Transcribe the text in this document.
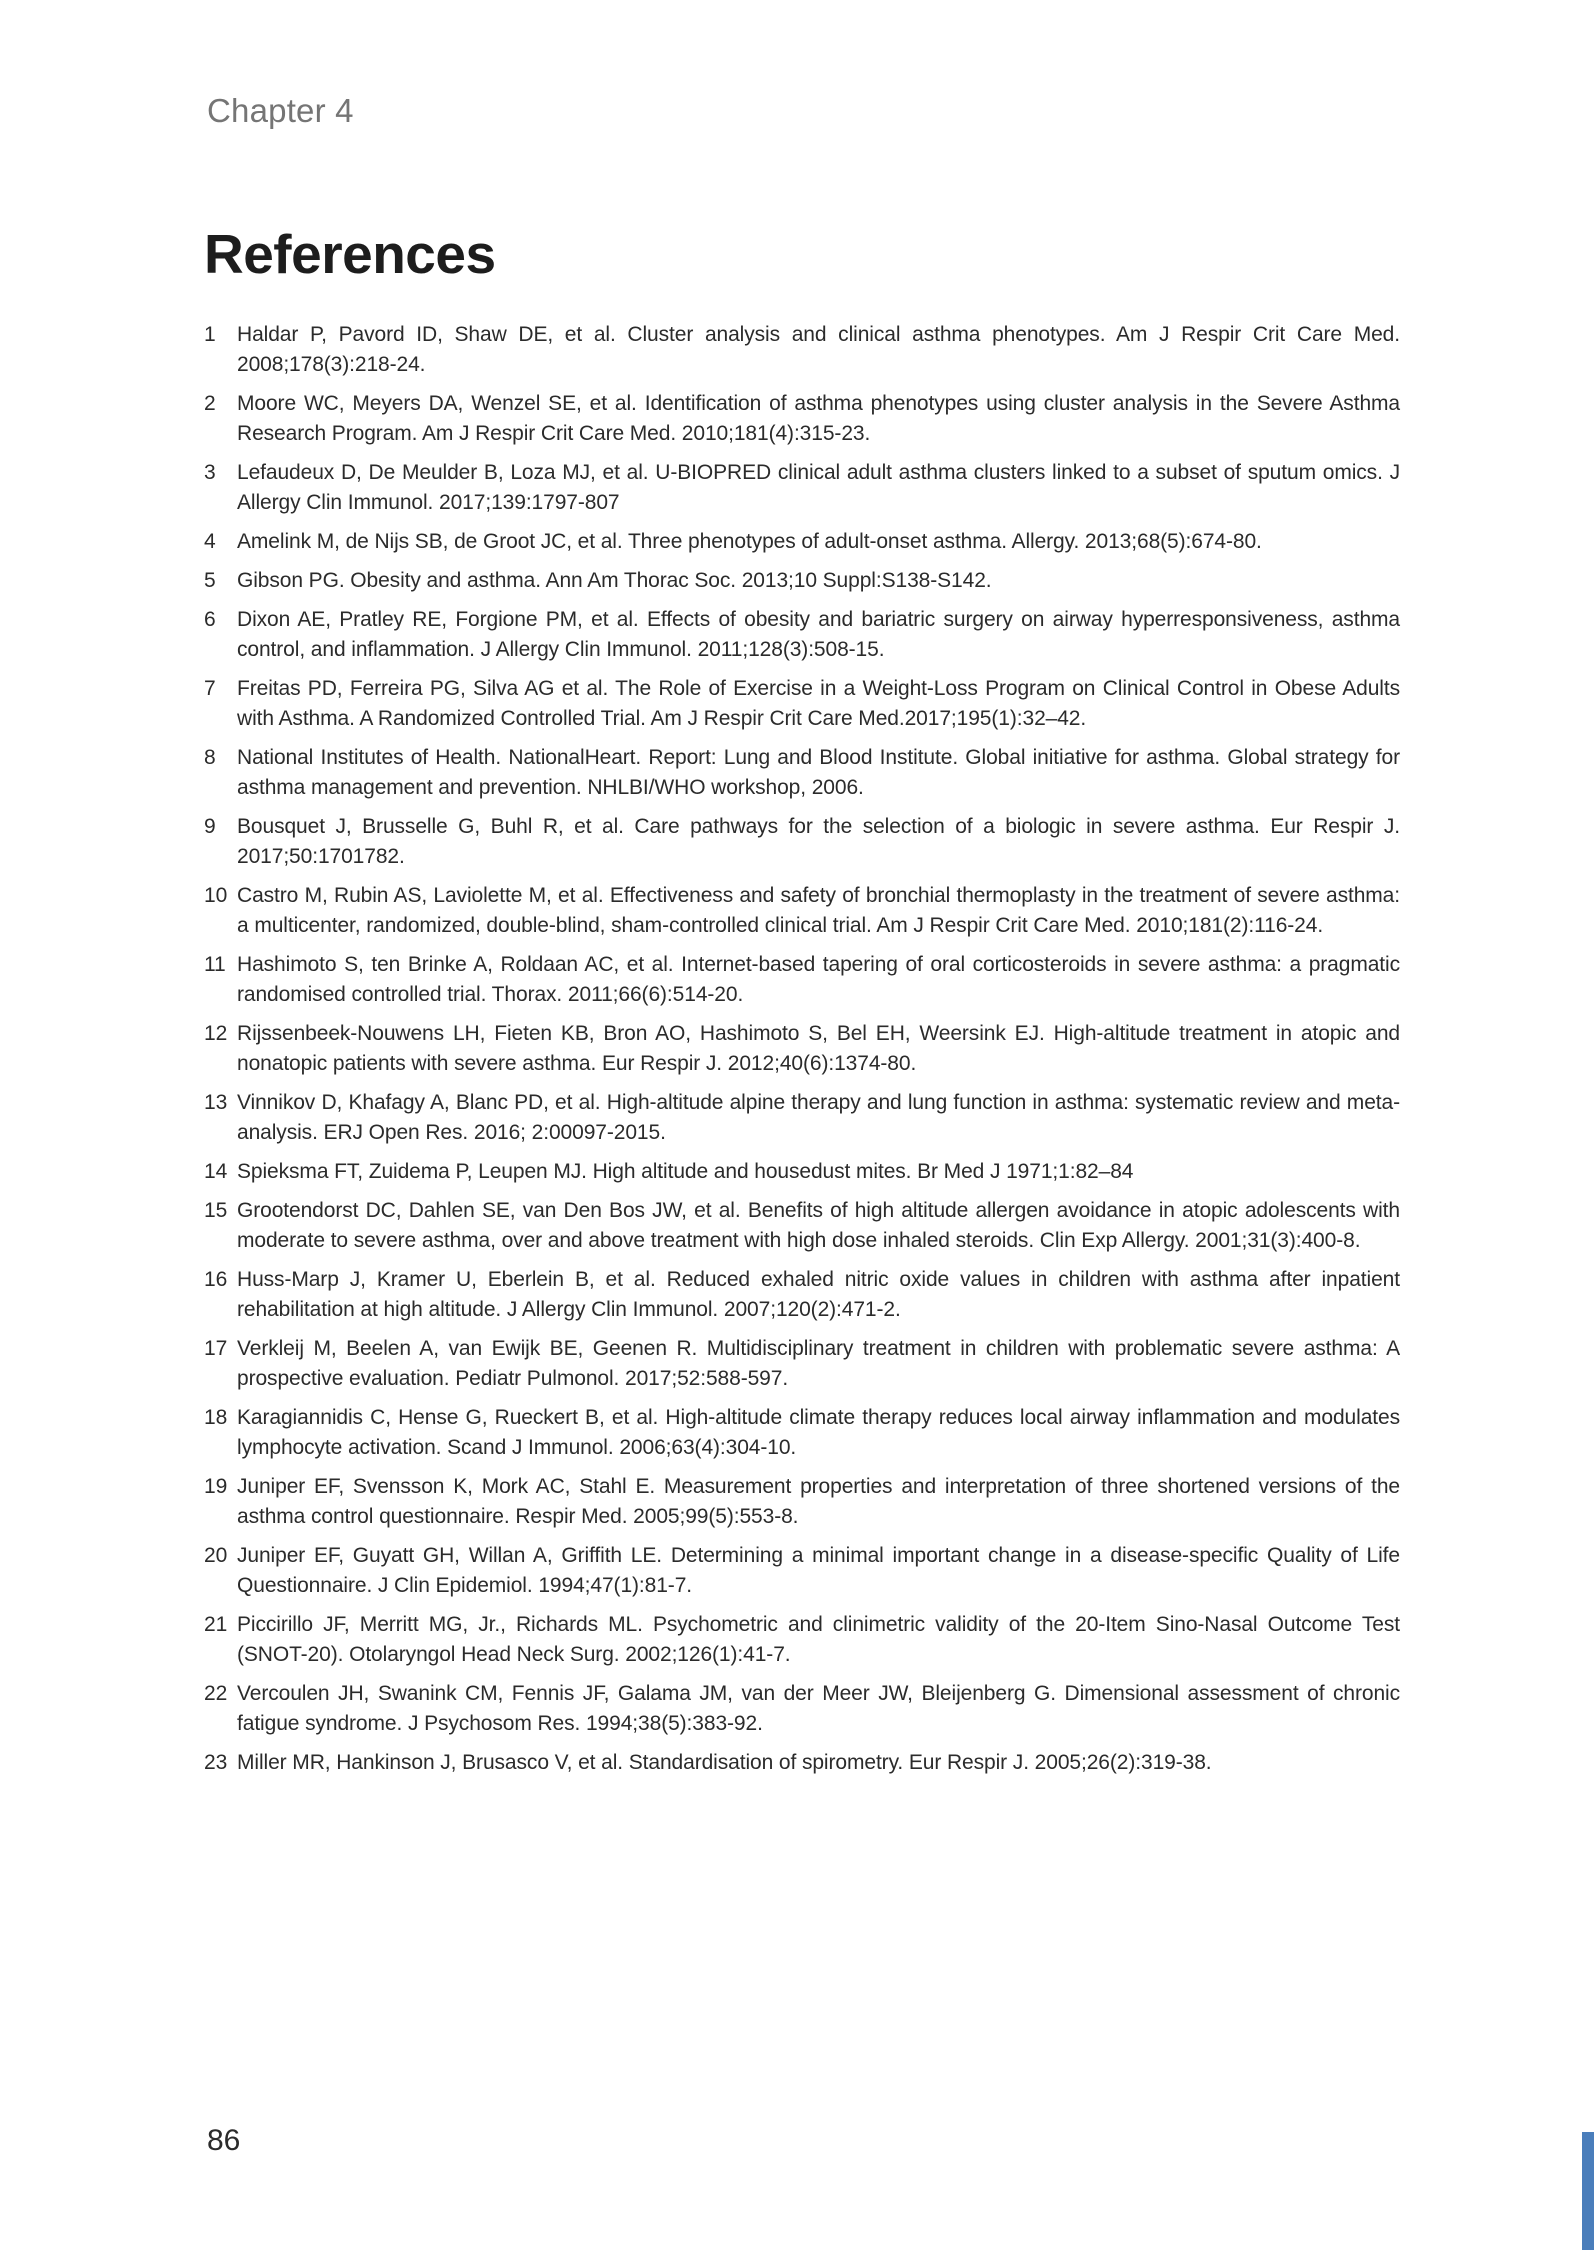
Chapter 4
References
1	Haldar P, Pavord ID, Shaw DE, et al. Cluster analysis and clinical asthma phenotypes. Am J Respir Crit Care Med. 2008;178(3):218-24.
2	Moore WC, Meyers DA, Wenzel SE, et al. Identification of asthma phenotypes using cluster analysis in the Severe Asthma Research Program. Am J Respir Crit Care Med. 2010;181(4):315-23.
3	Lefaudeux D, De Meulder B, Loza MJ, et al. U-BIOPRED clinical adult asthma clusters linked to a subset of sputum omics. J Allergy Clin Immunol. 2017;139:1797-807
4	Amelink M, de Nijs SB, de Groot JC, et al. Three phenotypes of adult-onset asthma. Allergy. 2013;68(5):674-80.
5	Gibson PG. Obesity and asthma. Ann Am Thorac Soc. 2013;10 Suppl:S138-S142.
6	Dixon AE, Pratley RE, Forgione PM, et al. Effects of obesity and bariatric surgery on airway hyperresponsiveness, asthma control, and inflammation. J Allergy Clin Immunol. 2011;128(3):508-15.
7	Freitas PD, Ferreira PG, Silva AG et al. The Role of Exercise in a Weight-Loss Program on Clinical Control in Obese Adults with Asthma. A Randomized Controlled Trial. Am J Respir Crit Care Med.2017;195(1):32–42.
8	National Institutes of Health. NationalHeart. Report: Lung and Blood Institute. Global initiative for asthma. Global strategy for asthma management and prevention. NHLBI/WHO workshop, 2006.
9	Bousquet J, Brusselle G, Buhl R, et al. Care pathways for the selection of a biologic in severe asthma. Eur Respir J. 2017;50:1701782.
10 Castro M, Rubin AS, Laviolette M, et al. Effectiveness and safety of bronchial thermoplasty in the treatment of severe asthma: a multicenter, randomized, double-blind, sham-controlled clinical trial. Am J Respir Crit Care Med. 2010;181(2):116-24.
11 Hashimoto S, ten Brinke A, Roldaan AC, et al. Internet-based tapering of oral corticosteroids in severe asthma: a pragmatic randomised controlled trial. Thorax. 2011;66(6):514-20.
12 Rijssenbeek-Nouwens LH, Fieten KB, Bron AO, Hashimoto S, Bel EH, Weersink EJ. High-altitude treatment in atopic and nonatopic patients with severe asthma. Eur Respir J. 2012;40(6):1374-80.
13 Vinnikov D, Khafagy A, Blanc PD, et al. High-altitude alpine therapy and lung function in asthma: systematic review and meta-analysis. ERJ Open Res. 2016; 2:00097-2015.
14 Spieksma FT, Zuidema P, Leupen MJ. High altitude and housedust mites. Br Med J 1971;1:82–84
15 Grootendorst DC, Dahlen SE, van Den Bos JW, et al. Benefits of high altitude allergen avoidance in atopic adolescents with moderate to severe asthma, over and above treatment with high dose inhaled steroids. Clin Exp Allergy. 2001;31(3):400-8.
16 Huss-Marp J, Kramer U, Eberlein B, et al. Reduced exhaled nitric oxide values in children with asthma after inpatient rehabilitation at high altitude. J Allergy Clin Immunol. 2007;120(2):471-2.
17 Verkleij M, Beelen A, van Ewijk BE, Geenen R. Multidisciplinary treatment in children with problematic severe asthma: A prospective evaluation. Pediatr Pulmonol. 2017;52:588-597.
18 Karagiannidis C, Hense G, Rueckert B, et al. High-altitude climate therapy reduces local airway inflammation and modulates lymphocyte activation. Scand J Immunol. 2006;63(4):304-10.
19 Juniper EF, Svensson K, Mork AC, Stahl E. Measurement properties and interpretation of three shortened versions of the asthma control questionnaire. Respir Med. 2005;99(5):553-8.
20 Juniper EF, Guyatt GH, Willan A, Griffith LE. Determining a minimal important change in a disease-specific Quality of Life Questionnaire. J Clin Epidemiol. 1994;47(1):81-7.
21 Piccirillo JF, Merritt MG, Jr., Richards ML. Psychometric and clinimetric validity of the 20-Item Sino-Nasal Outcome Test (SNOT-20). Otolaryngol Head Neck Surg. 2002;126(1):41-7.
22 Vercoulen JH, Swanink CM, Fennis JF, Galama JM, van der Meer JW, Bleijenberg G. Dimensional assessment of chronic fatigue syndrome. J Psychosom Res. 1994;38(5):383-92.
23 Miller MR, Hankinson J, Brusasco V, et al. Standardisation of spirometry. Eur Respir J. 2005;26(2):319-38.
86
